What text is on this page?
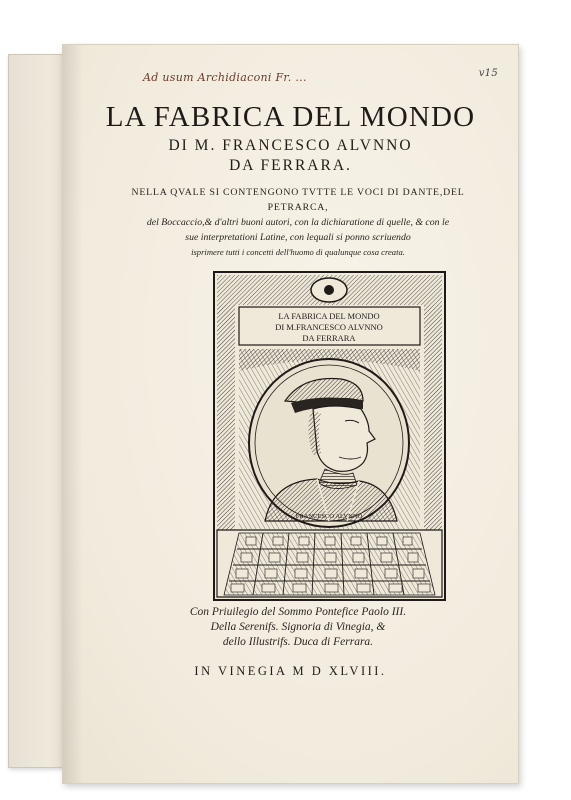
Ad usum Archidiaconi Fr. ...	v15
LA FABRICA DEL MONDO
DI M. FRANCESCO ALVNNO
DA FERRARA.
NELLA QVALE SI CONTENGONO TVTTE LE VOCI DI DANTE,DEL PETRARCA,
del Boccaccio,& d'altri buoni autori, con la dichiaratione di quelle, & con le
sue interpretationi Latine, con lequali si ponno scriuendo
isprimere tutti i concetti dell'huomo di qualunque cosa creata.
LA FABRICA DEL MONDO
DI M.FRANCESCO ALVNNO
DA FERRARA
FRANCESCO ALVNNO
Con Priuilegio del Sommo Pontefice Paolo III.
Della Serenifs. Signoria di Vinegia, &
dello Illustrifs. Duca di Ferrara.
IN VINEGIA M D XLVIII.
